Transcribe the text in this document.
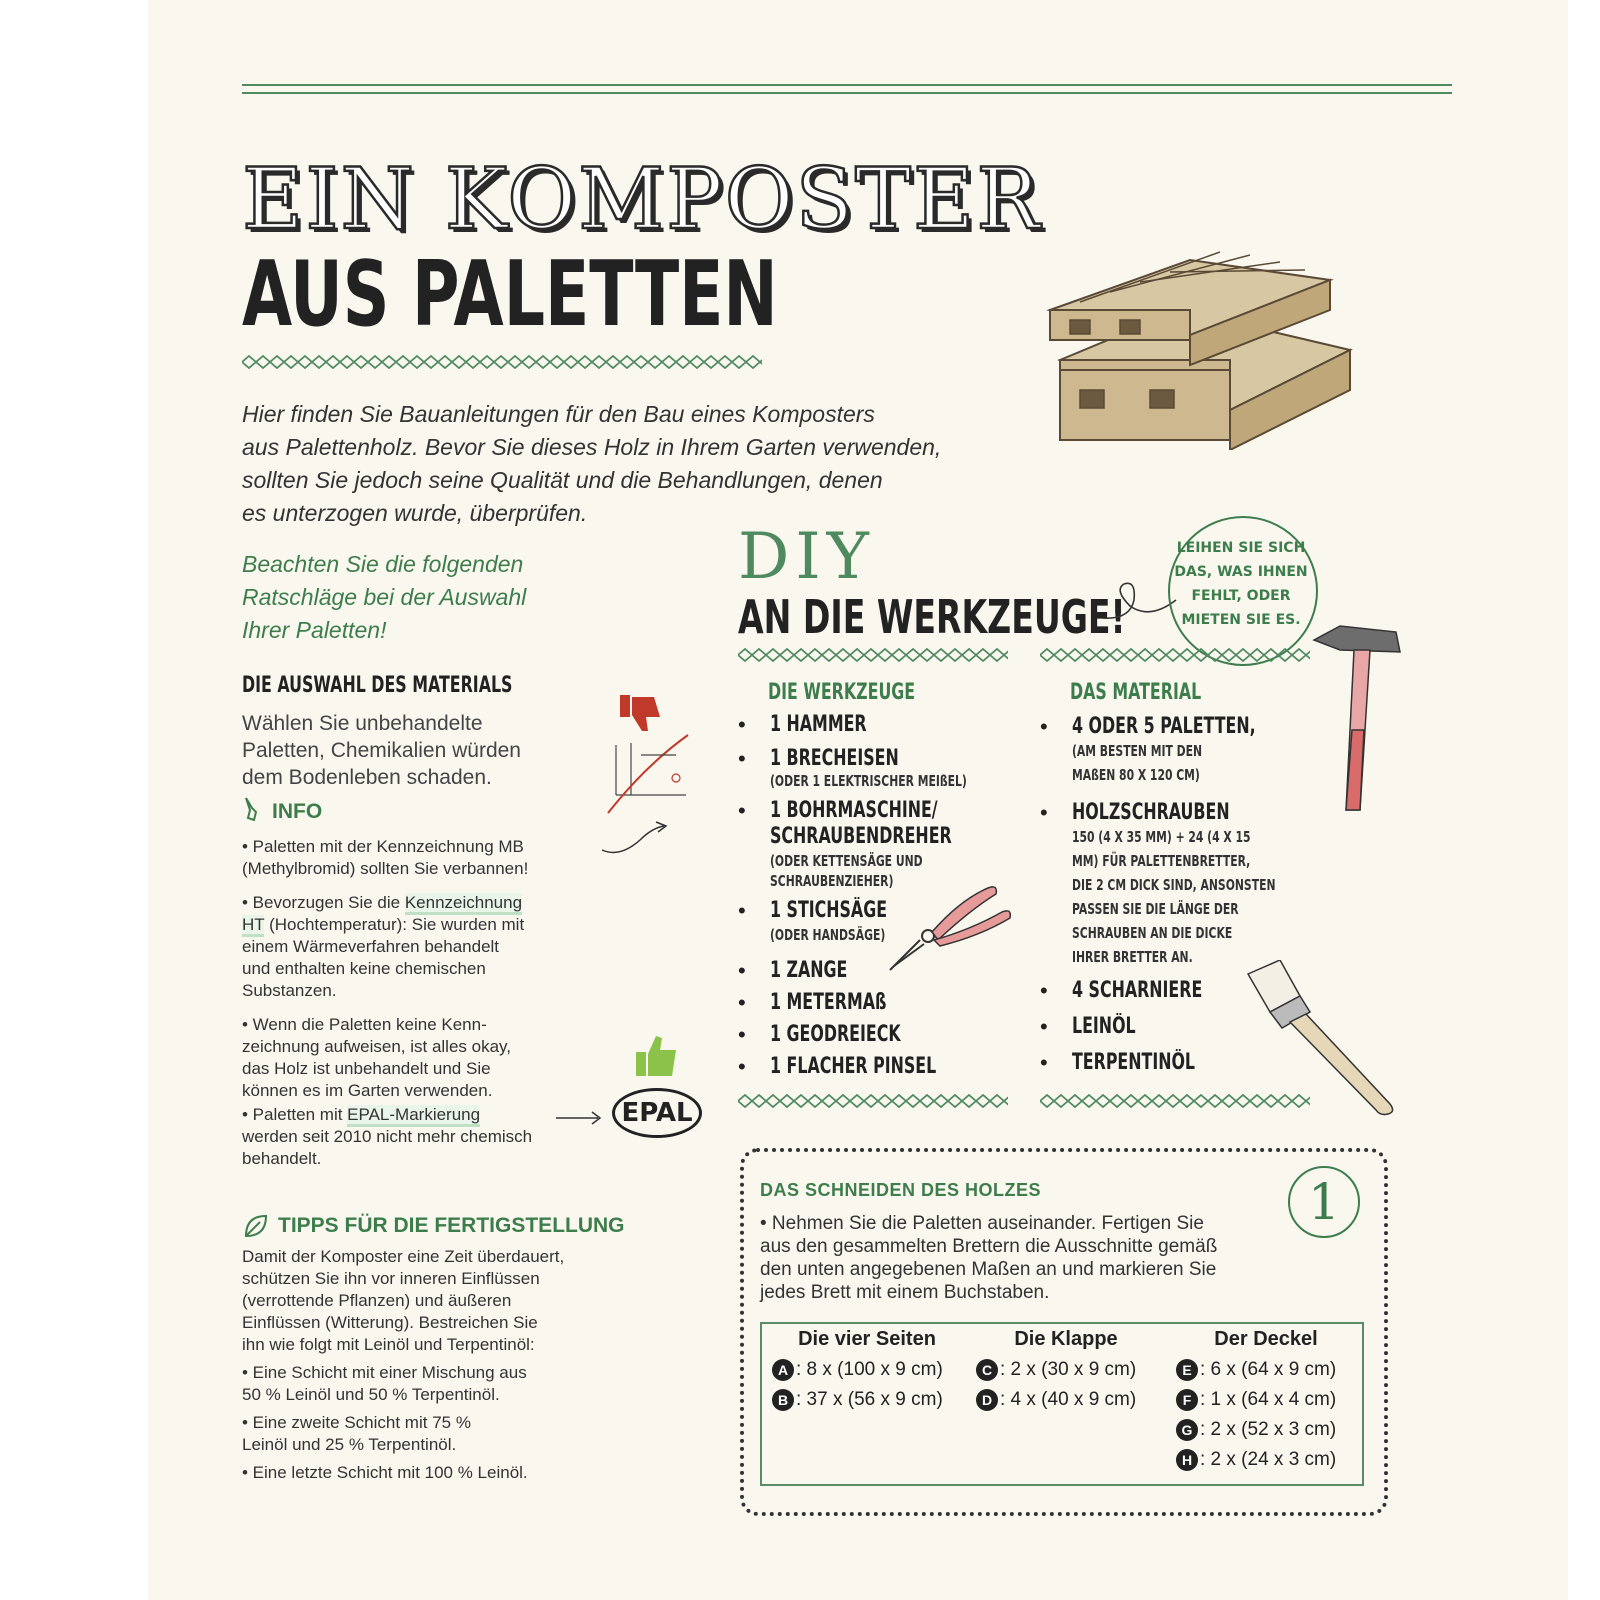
EIN KOMPOSTER
AUS PALETTEN
Hier finden Sie Bauanleitungen für den Bau eines Komposters
aus Palettenholz. Bevor Sie dieses Holz in Ihrem Garten verwenden,
sollten Sie jedoch seine Qualität und die Behandlungen, denen
es unterzogen wurde, überprüfen.
Beachten Sie die folgenden
Ratschläge bei der Auswahl
Ihrer Paletten!
DIE AUSWAHL DES MATERIALS
Wählen Sie unbehandelte
Paletten, Chemikalien würden
dem Bodenleben schaden.
INFO
• Paletten mit der Kennzeichnung MB
(Methylbromid) sollten Sie verbannen!
• Bevorzugen Sie die Kennzeichnung
HT (Hochtemperatur): Sie wurden mit
einem Wärmeverfahren behandelt
und enthalten keine chemischen
Substanzen.
• Wenn die Paletten keine Kenn-
zeichnung aufweisen, ist alles okay,
das Holz ist unbehandelt und Sie
können es im Garten verwenden.
• Paletten mit EPAL-Markierung
werden seit 2010 nicht mehr chemisch
behandelt.
EPAL
TIPPS FÜR DIE FERTIGSTELLUNG
Damit der Komposter eine Zeit überdauert,
schützen Sie ihn vor inneren Einflüssen
(verrottende Pflanzen) und äußeren
Einflüssen (Witterung). Bestreichen Sie
ihn wie folgt mit Leinöl und Terpentinöl:
• Eine Schicht mit einer Mischung aus
50 % Leinöl und 50 % Terpentinöl.
• Eine zweite Schicht mit 75 %
Leinöl und 25 % Terpentinöl.
• Eine letzte Schicht mit 100 % Leinöl.
DIY
AN DIE WERKZEUGE!
LEIHEN SIE SICH
DAS, WAS IHNEN
FEHLT, ODER
MIETEN SIE ES.
DIE WERKZEUGE
• 1 HAMMER
• 1 BRECHEISEN
(ODER 1 ELEKTRISCHER MEIßEL)
• 1 BOHRMASCHINE/
SCHRAUBENDREHER
(ODER KETTENSÄGE UND
SCHRAUBENZIEHER)
• 1 STICHSÄGE
(ODER HANDSÄGE)
• 1 ZANGE
• 1 METERMAß
• 1 GEODREIECK
• 1 FLACHER PINSEL
DAS MATERIAL
• 4 ODER 5 PALETTEN,
(AM BESTEN MIT DEN
MAßEN 80 X 120 CM)
• HOLZSCHRAUBEN
150 (4 X 35 MM) + 24 (4 X 15
MM) FÜR PALETTENBRETTER,
DIE 2 CM DICK SIND, ANSONSTEN
PASSEN SIE DIE LÄNGE DER
SCHRAUBEN AN DIE DICKE
IHRER BRETTER AN.
• 4 SCHARNIERE
• LEINÖL
• TERPENTINÖL
DAS SCHNEIDEN DES HOLZES	1
• Nehmen Sie die Paletten auseinander. Fertigen Sie
aus den gesammelten Brettern die Ausschnitte gemäß
den unten angegebenen Maßen an und markieren Sie
jedes Brett mit einem Buchstaben.
Die vier Seiten
A : 8 x (100 x 9 cm)
B : 37 x (56 x 9 cm)
Die Klappe
C : 2 x (30 x 9 cm)
D : 4 x (40 x 9 cm)
Der Deckel
E : 6 x (64 x 9 cm)
F : 1 x (64 x 4 cm)
G : 2 x (52 x 3 cm)
H : 2 x (24 x 3 cm)
